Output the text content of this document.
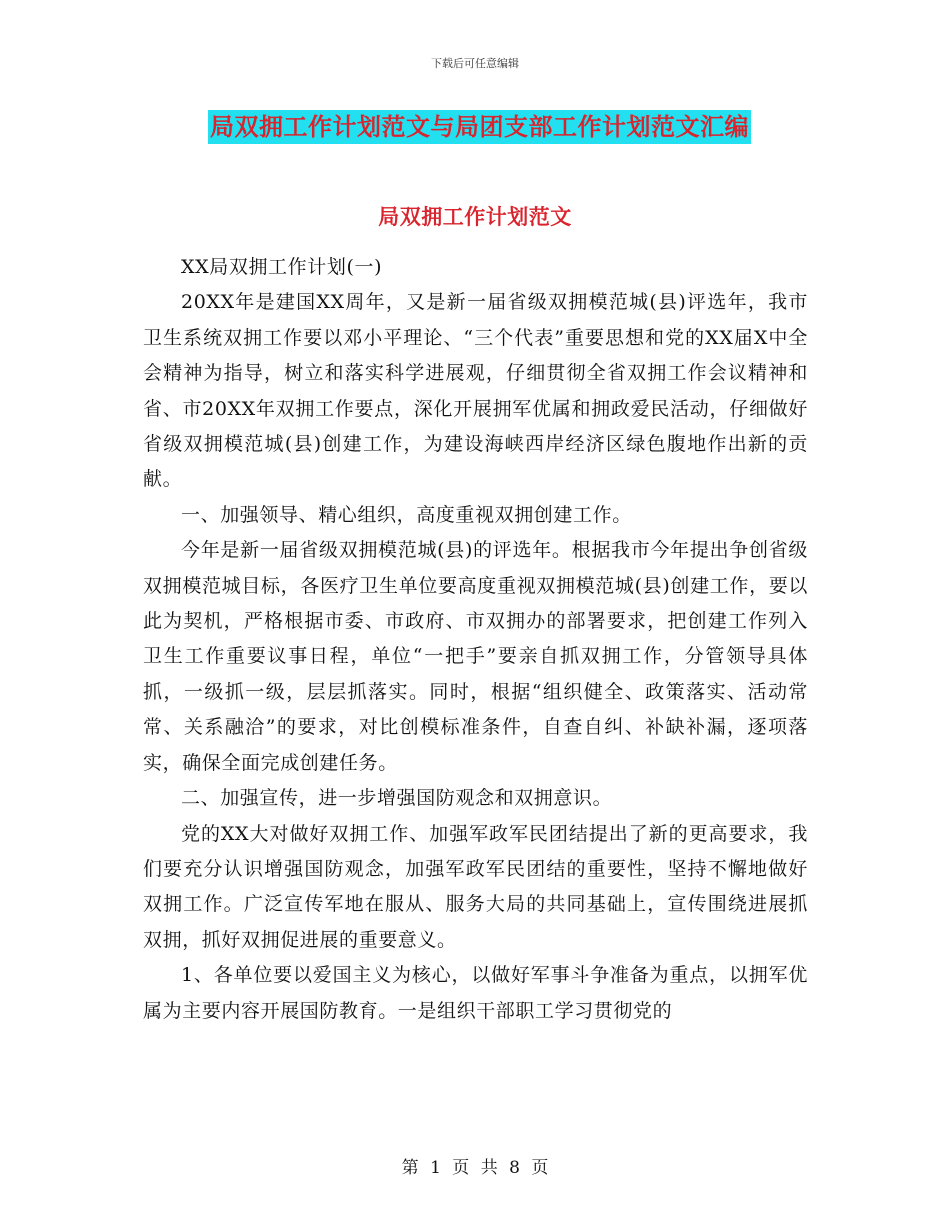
下载后可任意编辑
局双拥工作计划范文与局团支部工作计划范文汇编
局双拥工作计划范文

XX局双拥工作计划(一)

20XX年是建国XX周年，又是新一届省级双拥模范城(县)评选年，我市卫生系统双拥工作要以邓小平理论、“三个代表”重要思想和党的XX届X中全会精神为指导，树立和落实科学进展观，仔细贯彻全省双拥工作会议精神和省、市20XX年双拥工作要点，深化开展拥军优属和拥政爱民活动，仔细做好省级双拥模范城(县)创建工作，为建设海峡西岸经济区绿色腹地作出新的贡献。

一、加强领导、精心组织，高度重视双拥创建工作。

今年是新一届省级双拥模范城(县)的评选年。根据我市今年提出争创省级双拥模范城目标，各医疗卫生单位要高度重视双拥模范城(县)创建工作，要以此为契机，严格根据市委、市政府、市双拥办的部署要求，把创建工作列入卫生工作重要议事日程，单位“一把手”要亲自抓双拥工作，分管领导具体抓，一级抓一级，层层抓落实。同时，根据“组织健全、政策落实、活动常常、关系融洽”的要求，对比创模标准条件，自查自纠、补缺补漏，逐项落实，确保全面完成创建任务。

二、加强宣传，进一步增强国防观念和双拥意识。

党的XX大对做好双拥工作、加强军政军民团结提出了新的更高要求，我们要充分认识增强国防观念，加强军政军民团结的重要性，坚持不懈地做好双拥工作。广泛宣传军地在服从、服务大局的共同基础上，宣传围绕进展抓双拥，抓好双拥促进展的重要意义。

1、各单位要以爱国主义为核心，以做好军事斗争准备为重点，以拥军优属为主要内容开展国防教育。一是组织干部职工学习贯彻党的

第 1 页 共 8 页
